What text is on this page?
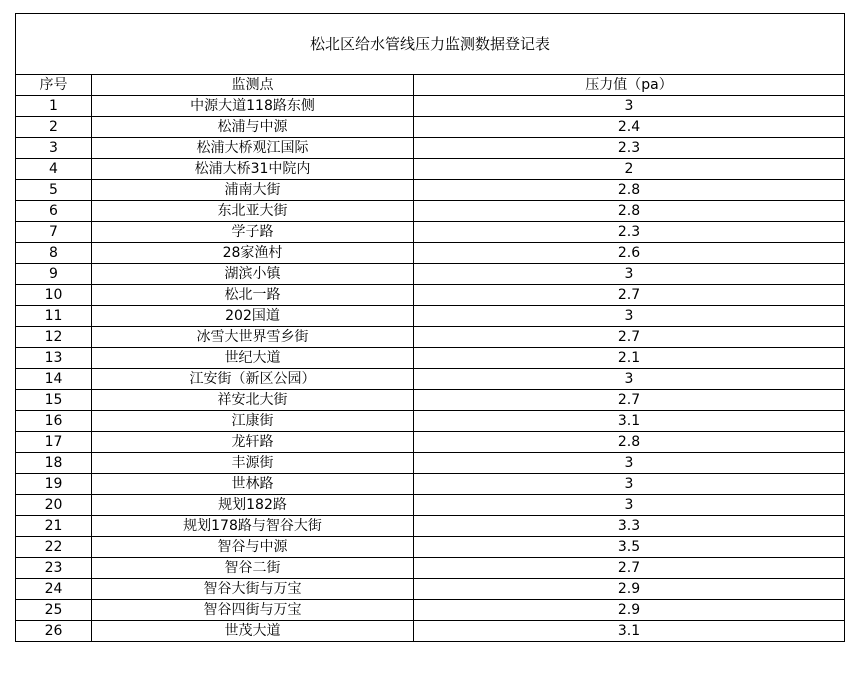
松北区给水管线压力监测数据登记表		
序号	监测点	压力值（pa）
1	中源大道118路东侧	3
2	松浦与中源	2.4
3	松浦大桥观江国际	2.3
4	松浦大桥31中院内	2
5	浦南大街	2.8
6	东北亚大街	2.8
7	学子路	2.3
8	28家渔村	2.6
9	湖滨小镇	3
10	松北一路	2.7
11	202国道	3
12	冰雪大世界雪乡街	2.7
13	世纪大道	2.1
14	江安街（新区公园）	3
15	祥安北大街	2.7
16	江康街	3.1
17	龙轩路	2.8
18	丰源街	3
19	世林路	3
20	规划182路	3
21	规划178路与智谷大街	3.3
22	智谷与中源	3.5
23	智谷二街	2.7
24	智谷大街与万宝	2.9
25	智谷四街与万宝	2.9
26	世茂大道	3.1
